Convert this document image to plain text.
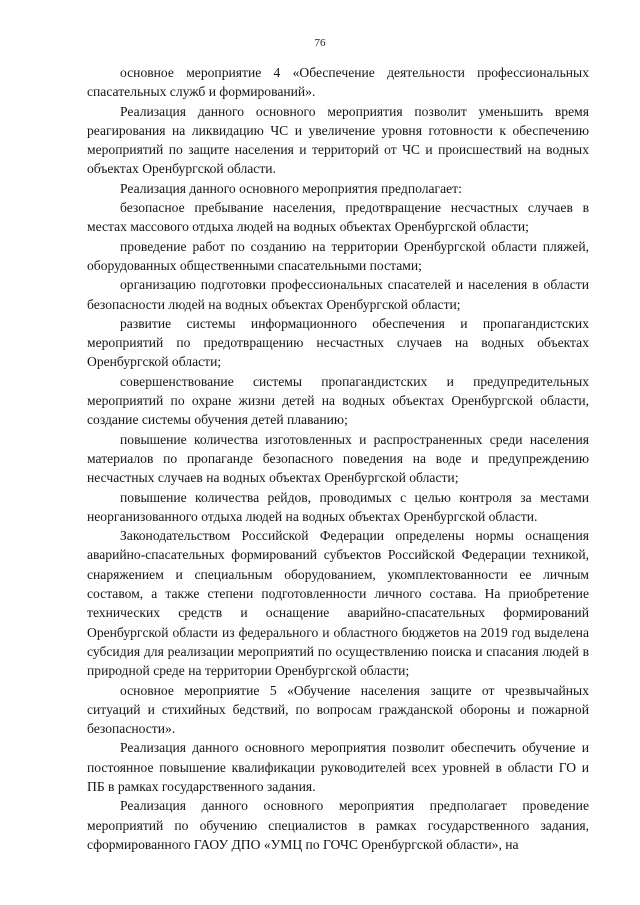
76

основное мероприятие 4 «Обеспечение деятельности профессиональных спасательных служб и формирований».

Реализация данного основного мероприятия позволит уменьшить время реагирования на ликвидацию ЧС и увеличение уровня готовности к обеспечению мероприятий по защите населения и территорий от ЧС и происшествий на водных объектах Оренбургской области.

Реализация данного основного мероприятия предполагает:

безопасное пребывание населения, предотвращение несчастных случаев в местах массового отдыха людей на водных объектах Оренбургской области;

проведение работ по созданию на территории Оренбургской области пляжей, оборудованных общественными спасательными постами;

организацию подготовки профессиональных спасателей и населения в области безопасности людей на водных объектах Оренбургской области;

развитие системы информационного обеспечения и пропагандистских мероприятий по предотвращению несчастных случаев на водных объектах Оренбургской области;

совершенствование системы пропагандистских и предупредительных мероприятий по охране жизни детей на водных объектах Оренбургской области, создание системы обучения детей плаванию;

повышение количества изготовленных и распространенных среди населения материалов по пропаганде безопасного поведения на воде и предупреждению несчастных случаев на водных объектах Оренбургской области;

повышение количества рейдов, проводимых с целью контроля за местами неорганизованного отдыха людей на водных объектах Оренбургской области.

Законодательством Российской Федерации определены нормы оснащения аварийно-спасательных формирований субъектов Российской Федерации техникой, снаряжением и специальным оборудованием, укомплектованности ее личным составом, а также степени подготовленности личного состава. На приобретение технических средств и оснащение аварийно-спасательных формирований Оренбургской области из федерального и областного бюджетов на 2019 год выделена субсидия для реализации мероприятий по осуществлению поиска и спасания людей в природной среде на территории Оренбургской области;

основное мероприятие 5 «Обучение населения защите от чрезвычайных ситуаций и стихийных бедствий, по вопросам гражданской обороны и пожарной безопасности».

Реализация данного основного мероприятия позволит обеспечить обучение и постоянное повышение квалификации руководителей всех уровней в области ГО и ПБ в рамках государственного задания.

Реализация данного основного мероприятия предполагает проведение мероприятий по обучению специалистов в рамках государственного задания, сформированного ГАОУ ДПО «УМЦ по ГОЧС Оренбургской области», на
